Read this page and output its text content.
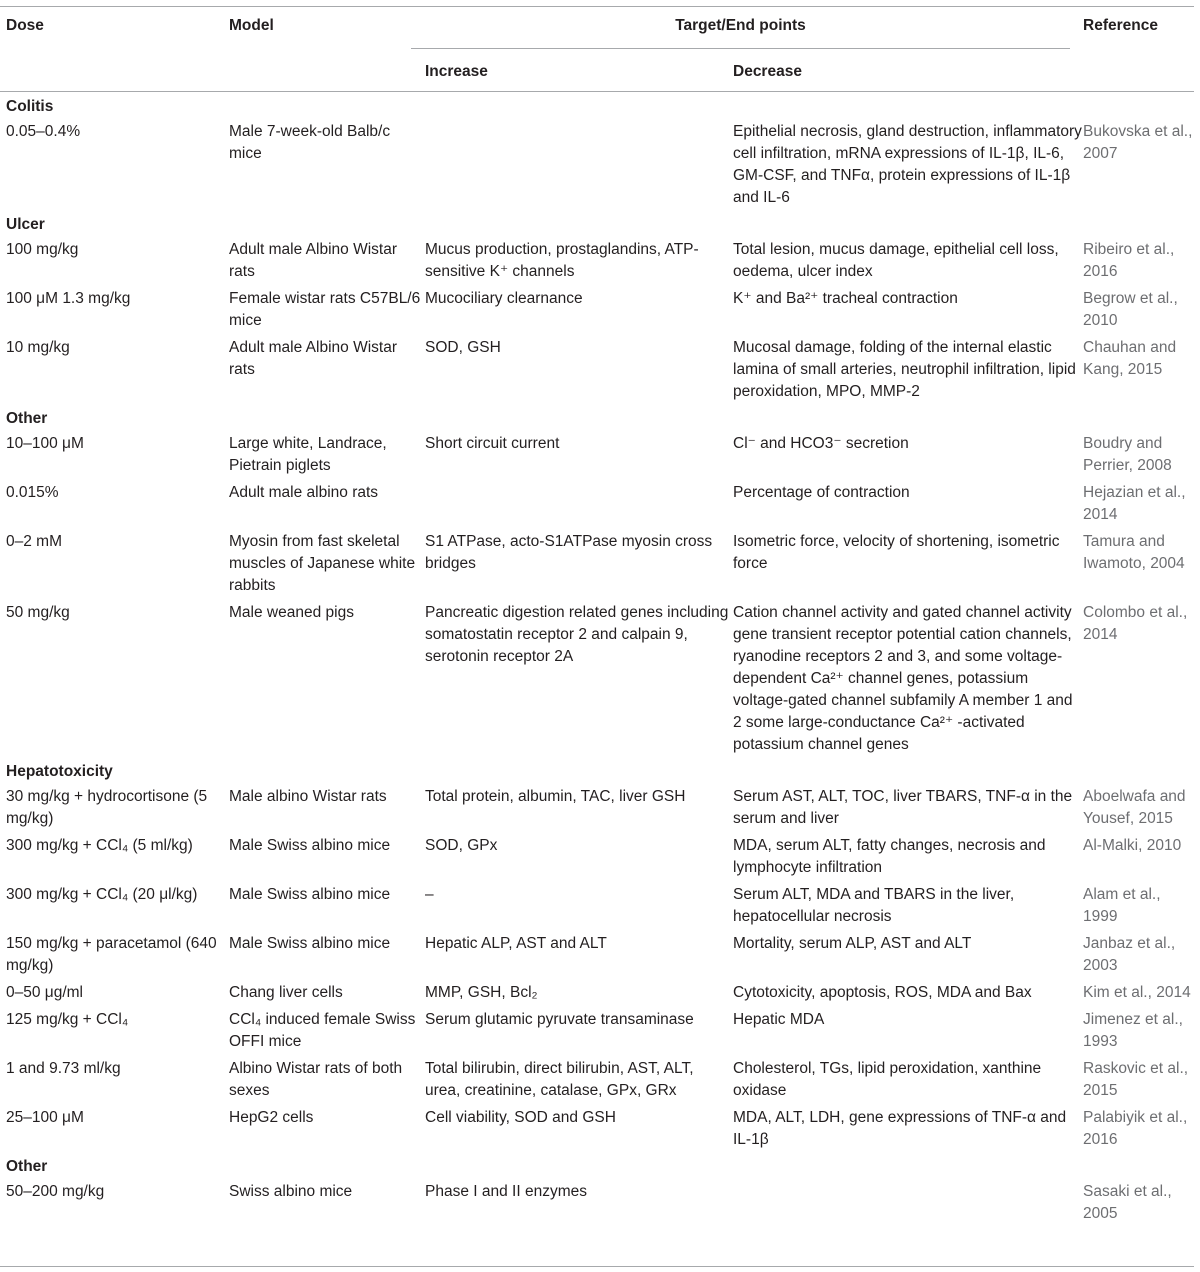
Dose	Model	Target/End points	Reference
Increase	Decrease
Colitis				
0.05–0.4%	Male 7-week-old Balb/c mice		Epithelial necrosis, gland destruction, inflammatory cell infiltration, mRNA expressions of IL-1β, IL-6, GM-CSF, and TNFα, protein expressions of IL-1β and IL-6	Bukovska et al., 2007
Ulcer				
100 mg/kg	Adult male Albino Wistar rats	Mucus production, prostaglandins, ATP-sensitive K⁺ channels	Total lesion, mucus damage, epithelial cell loss, oedema, ulcer index	Ribeiro et al., 2016
100 μM 1.3 mg/kg	Female wistar rats C57BL/6 mice	Mucociliary clearnance	K⁺ and Ba²⁺ tracheal contraction	Begrow et al., 2010
10 mg/kg	Adult male Albino Wistar rats	SOD, GSH	Mucosal damage, folding of the internal elastic lamina of small arteries, neutrophil infiltration, lipid peroxidation, MPO, MMP-2	Chauhan and Kang, 2015
Other				
10–100 μM	Large white, Landrace, Pietrain piglets	Short circuit current	Cl⁻ and HCO3⁻ secretion	Boudry and Perrier, 2008
0.015%	Adult male albino rats		Percentage of contraction	Hejazian et al., 2014
0–2 mM	Myosin from fast skeletal muscles of Japanese white rabbits	S1 ATPase, acto-S1ATPase myosin cross bridges	Isometric force, velocity of shortening, isometric force	Tamura and Iwamoto, 2004
50 mg/kg	Male weaned pigs	Pancreatic digestion related genes including somatostatin receptor 2 and calpain 9, serotonin receptor 2A	Cation channel activity and gated channel activity gene transient receptor potential cation channels, ryanodine receptors 2 and 3, and some voltage-dependent Ca²⁺ channel genes, potassium voltage-gated channel subfamily A member 1 and 2 some large-conductance Ca²⁺ -activated potassium channel genes	Colombo et al., 2014
Hepatotoxicity				
30 mg/kg + hydrocortisone (5 mg/kg)	Male albino Wistar rats	Total protein, albumin, TAC, liver GSH	Serum AST, ALT, TOC, liver TBARS, TNF-α in the serum and liver	Aboelwafa and Yousef, 2015
300 mg/kg + CCl₄ (5 ml/kg)	Male Swiss albino mice	SOD, GPx	MDA, serum ALT, fatty changes, necrosis and lymphocyte infiltration	Al-Malki, 2010
300 mg/kg + CCl₄ (20 μl/kg)	Male Swiss albino mice	–	Serum ALT, MDA and TBARS in the liver, hepatocellular necrosis	Alam et al., 1999
150 mg/kg + paracetamol (640 mg/kg)	Male Swiss albino mice	Hepatic ALP, AST and ALT	Mortality, serum ALP, AST and ALT	Janbaz et al., 2003
0–50 μg/ml	Chang liver cells	MMP, GSH, Bcl₂	Cytotoxicity, apoptosis, ROS, MDA and Bax	Kim et al., 2014
125 mg/kg + CCl₄	CCl₄ induced female Swiss OFFI mice	Serum glutamic pyruvate transaminase	Hepatic MDA	Jimenez et al., 1993
1 and 9.73 ml/kg	Albino Wistar rats of both sexes	Total bilirubin, direct bilirubin, AST, ALT, urea, creatinine, catalase, GPx, GRx	Cholesterol, TGs, lipid peroxidation, xanthine oxidase	Raskovic et al., 2015
25–100 μM	HepG2 cells	Cell viability, SOD and GSH	MDA, ALT, LDH, gene expressions of TNF-α and IL-1β	Palabiyik et al., 2016
Other				
50–200 mg/kg	Swiss albino mice	Phase I and II enzymes		Sasaki et al., 2005
